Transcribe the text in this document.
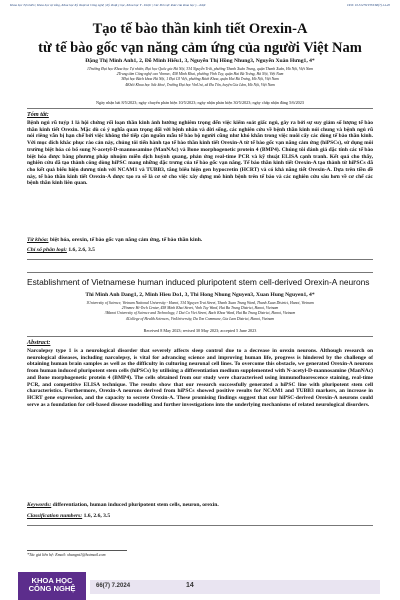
Khoa học Tự nhiên | Khoa học sự sống, Khoa học Kỹ thuật và Công nghệ | Kỹ thuật y học, Khoa học Y - Dược | Các lĩnh vực khác của khoa học y - dược	DOI: 10.31276/VJST.66(7).14-20
Tạo tế bào thần kinh tiết Orexin-A
từ tế bào gốc vạn năng cảm ứng của người Việt Nam
Đặng Thị Minh Anh1, 2, Đỗ Minh Hiếu1, 3, Nguyễn Thị Hồng Nhung3, Nguyễn Xuân Hưng1, 4*
1Trường Đại học Khoa học Tự nhiên, Đại học Quốc gia Hà Nội, 334 Nguyễn Trãi, phường Thanh Xuân Trung, quận Thanh Xuân, Hà Nội, Việt Nam
2Trung tâm Công nghệ cao Vinmec, 458 Minh Khai, phường Vĩnh Tuy, quận Hai Bà Trưng, Hà Nội, Việt Nam
3Đại học Bách khoa Hà Nội, 1 Đại Cồ Việt, phường Bách Khoa, quận Hai Bà Trưng, Hà Nội, Việt Nam
4Khối Khoa học Sức khoẻ, Trường Đại học VinUni, xã Đa Tốn, huyện Gia Lâm, Hà Nội, Việt Nam
Ngày nhận bài 8/5/2023; ngày chuyển phản biện 10/5/2023; ngày nhận phản biện 30/5/2023; ngày chấp nhận đăng 5/6/2023
Tóm tắt:
Bệnh ngủ rũ tuýp 1 là hội chứng rối loạn thần kinh ảnh hưởng nghiêm trọng đến việc kiểm soát giấc ngủ, gây ra bởi sự suy giảm số lượng tế bào thần kinh tiết Orexin. Mặc dù có ý nghĩa quan trọng đối với bệnh nhân và đời sống, các nghiên cứu về bệnh thần kinh nói chung và bệnh ngủ rũ nói riêng vẫn bị hạn chế bởi việc không thể tiếp cận nguồn mẫu tế bào bộ người cũng như khó khăn trong việc nuôi cấy các dòng tế bào thần kinh. Với mục đích khắc phục rào cản này, chúng tôi tiến hành tạo tế bào thần kinh tiết Orexin-A từ tế bào gốc vạn năng cảm ứng (hiPSCs), sử dụng môi trường biệt hóa có bổ sung N-acetyl-D-mannosamine (ManNAc) và Bone morphogenetic protein 4 (BMP4). Chúng tôi đánh giá đặc tính các tế bào biệt hóa được bằng phương pháp nhuộm miễn dịch huỳnh quang, phản ứng real-time PCR và kỹ thuật ELISA cạnh tranh. Kết quả cho thấy, nghiên cứu đã tạo thành công dòng hiPSC mang những đặc trưng của tế bào gốc vạn năng. Tế bào thần kinh tiết Orexin-A tạo thành từ hiPSCs đã cho kết quả biểu hiện dương tính với NCAM1 và TUBB3, tăng biểu hiện gen hypocretin (HCRT) và có khả năng tiết Orexin-A. Dựa trên tiền đề này, tế bào thần kinh tiết Orexin-A được tạo ra sẽ là cơ sở cho việc xây dựng mô hình bệnh trên tế bào và các nghiên cứu sâu hơn về cơ chế các bệnh thần kinh liên quan.
Từ khóa: biệt hóa, orexin, tế bào gốc vạn năng cảm ứng, tế bào thần kinh.
Chỉ số phân loại: 1.6, 2.6, 3.5
Establishment of Vietnamese human induced pluripotent stem cell-derived Orexin-A neurons
Thi Minh Anh Dang1, 2, Minh Hieu Do1, 3, Thi Hong Nhung Nguyen3, Xuan Hung Nguyen1, 4*
1University of Science, Vietnam National University - Hanoi, 334 Nguyen Trai Street, Thanh Xuan Trung Ward, Thanh Xuan District, Hanoi, Vietnam
2Vinmec Hi-Tech Center, 458 Minh Khai Street, Vinh Tuy Ward, Hai Ba Trung District, Hanoi, Vietnam
3Hanoi University of Science and Technology, 1 Dai Co Viet Street, Bach Khoa Ward, Hai Ba Trung District, Hanoi, Vietnam
4College of Health Sciences, VinUniversity, Da Ton Commune, Gia Lam District, Hanoi, Vietnam
Received 8 May 2023; revised 30 May 2023; accepted 5 June 2023
Abstract:
Narcolepsy type 1 is a neurological disorder that severely affects sleep control due to a decrease in orexin neurons. Although research on neurological diseases, including narcolepsy, is vital for advancing science and improving human life, progress is hindered by the challenge of obtaining human brain samples as well as the difficulty in culturing neuronal cell lines. To overcome this obstacle, we generated Orexin-A neurons from human induced pluripotent stem cells (hiPSCs) by utilising a differentiation medium supplemented with N-acetyl-D-mannosamine (ManNAc) and Bone morphogenetic protein 4 (BMP4). The cells obtained from our study were characterised using immunofluorescence staining, real-time PCR, and competitive ELISA technique. The results show that our research successfully generated a hiPSC line with pluripotent stem cell characteristics. Furthermore, Orexin-A neurons derived from hiPSCs showed positive results for NCAM1 and TUBB3 markers, an increase in HCRT gene expression, and the capacity to secrete Orexin-A. These promising findings suggest that our hiPSC-derived Orexin-A neurons could serve as a foundation for cell-based disease modelling and further investigations into the underlying mechanisms of related neurological disorders.
Keywords: differentiation, human induced pluripotent stem cells, neuron, orexin.
Classification numbers: 1.6, 2.6, 3.5
*Tác giả liên hệ: Email: xhungnt1@hotmail.com
KHOA HỌC
CÔNG NGHỆ	66(7) 7.2024	14
